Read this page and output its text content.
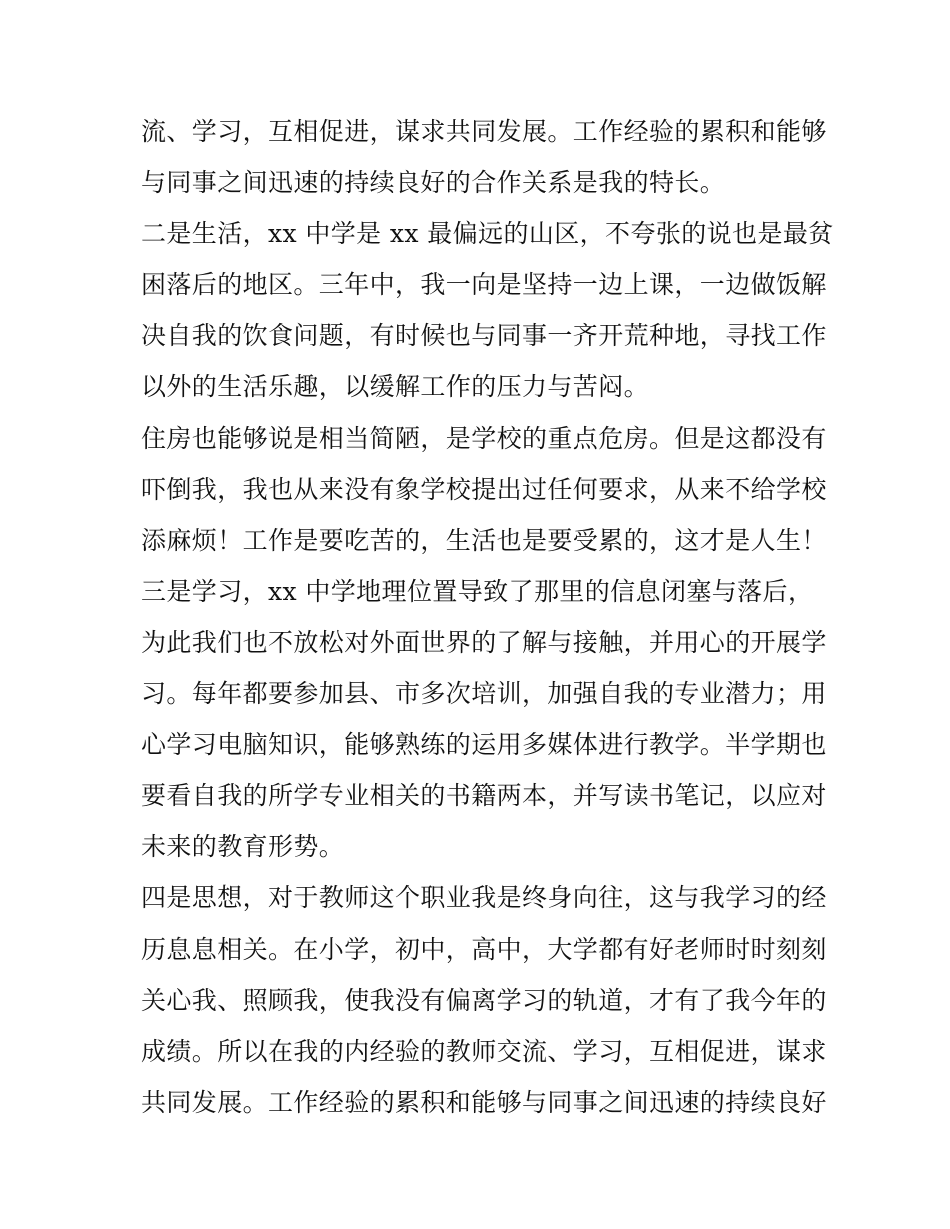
流、学习，互相促进，谋求共同发展。工作经验的累积和能够
与同事之间迅速的持续良好的合作关系是我的特长。
二是生活，xx 中学是 xx 最偏远的山区，不夸张的说也是最贫
困落后的地区。三年中，我一向是坚持一边上课，一边做饭解
决自我的饮食问题，有时候也与同事一齐开荒种地，寻找工作
以外的生活乐趣，以缓解工作的压力与苦闷。
住房也能够说是相当简陋，是学校的重点危房。但是这都没有
吓倒我，我也从来没有象学校提出过任何要求，从来不给学校
添麻烦！工作是要吃苦的，生活也是要受累的，这才是人生！
三是学习，xx 中学地理位置导致了那里的信息闭塞与落后，
为此我们也不放松对外面世界的了解与接触，并用心的开展学
习。每年都要参加县、市多次培训，加强自我的专业潜力；用
心学习电脑知识，能够熟练的运用多媒体进行教学。半学期也
要看自我的所学专业相关的书籍两本，并写读书笔记，以应对
未来的教育形势。
四是思想，对于教师这个职业我是终身向往，这与我学习的经
历息息相关。在小学，初中，高中，大学都有好老师时时刻刻
关心我、照顾我，使我没有偏离学习的轨道，才有了我今年的
成绩。所以在我的内经验的教师交流、学习，互相促进，谋求
共同发展。工作经验的累积和能够与同事之间迅速的持续良好
